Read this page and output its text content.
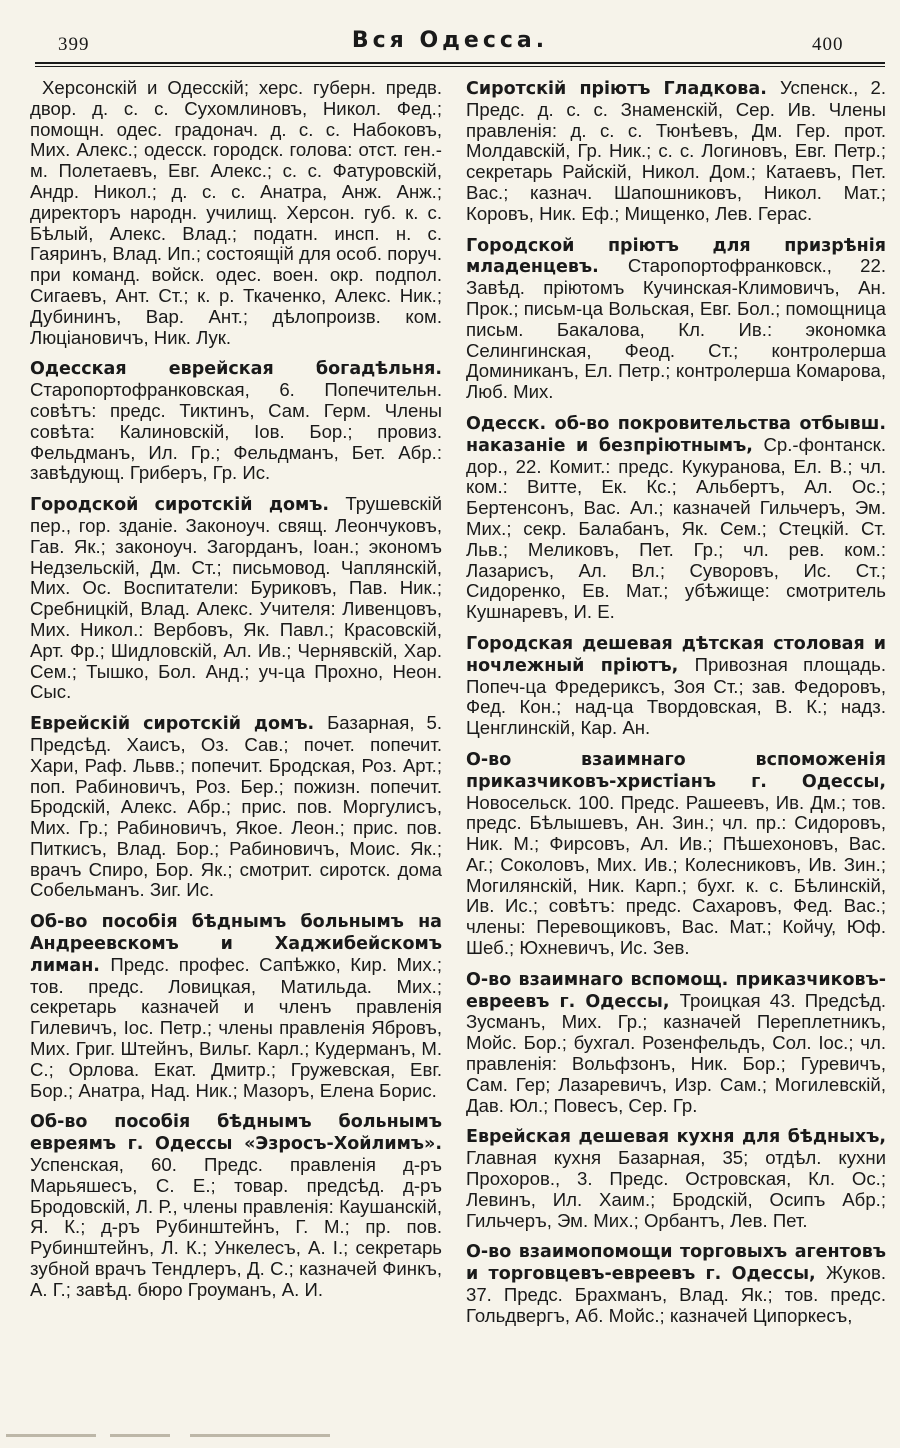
399	Вся Одесса.	400

Херсонскій и Одесскій; херс. губерн. предв. двор. д. с. с. Сухомлиновъ, Никол. Фед.; помощн. одес. градонач. д. с. с. Набоковъ, Мих. Алекс.; одесск. городск. голова: отст. ген.-м. Полетаевъ, Евг. Алекс.; с. с. Фатуровскій, Андр. Никол.; д. с. с. Анатра, Анж. Анж.; директоръ народн. училищ. Херсон. губ. к. с. Бѣлый, Алекс. Влад.; податн. инсп. н. с. Гаяринъ, Влад. Ип.; состоящій для особ. поруч. при команд. войск. одес. воен. окр. подпол. Сигаевъ, Ант. Ст.; к. р. Ткаченко, Алекс. Ник.; Дубининъ, Вар. Ант.; дѣлопроизв. ком. Люціановичъ, Ник. Лук.

Одесская еврейская богадѣльня. Старопортофранковская, 6. Попечительн. совѣтъ: предс. Тиктинъ, Сам. Герм. Члены совѣта: Калиновскій, Іов. Бор.; провиз. Фельдманъ, Ил. Гр.; Фельдманъ, Бет. Абр.: завѣдующ. Гриберъ, Гр. Ис.

Городской сиротскій домъ. Трушевскій пер., гор. зданіе. Законоуч. свящ. Леончуковъ, Гав. Як.; законоуч. Загорданъ, Іоан.; экономъ Недзельскій, Дм. Ст.; письмовод. Чаплянскій, Мих. Ос. Воспитатели: Буриковъ, Пав. Ник.; Сребницкій, Влад. Алекс. Учителя: Ливенцовъ, Мих. Никол.: Вербовъ, Як. Павл.; Красовскій, Арт. Фр.; Шидловскій, Ал. Ив.; Чернявскій, Хар. Сем.; Тышко, Бол. Анд.; уч-ца Прохно, Неон. Сыс.

Еврейскій сиротскій домъ. Базарная, 5. Предсѣд. Хаисъ, Оз. Сав.; почет. попечит. Хари, Раф. Львв.; попечит. Бродская, Роз. Арт.; поп. Рабиновичъ, Роз. Бер.; пожизн. попечит. Бродскій, Алекс. Абр.; прис. пов. Моргулисъ, Мих. Гр.; Рабиновичъ, Якое. Леон.; прис. пов. Питкисъ, Влад. Бор.; Рабиновичъ, Моис. Як.; врачъ Спиро, Бор. Як.; смотрит. сиротск. дома Собельманъ. Зиг. Ис.

Об-во пособія бѣднымъ больнымъ на Андреевскомъ и Хаджибейскомъ лиман. Предс. профес. Сапѣжко, Кир. Мих.; тов. предс. Ловицкая, Матильда. Мих.; секретарь казначей и членъ правленія Гилевичъ, Іос. Петр.; члены правленія Ябровъ, Мих. Григ. Штейнъ, Вильг. Карл.; Кудерманъ, М. С.; Орлова. Екат. Дмитр.; Гружевская, Евг. Бор.; Анатра, Над. Ник.; Мазоръ, Елена Борис.

Об-во пособія бѣднымъ больнымъ евреямъ г. Одессы «Эзросъ-Хойлимъ». Успенская, 60. Предс. правленія д-ръ Марьяшесъ, С. Е.; товар. предсѣд. д-ръ Бродовскій, Л. Р., члены правленія: Каушанскій, Я. К.; д-ръ Рубинштейнъ, Г. М.; пр. пов. Рубинштейнъ, Л. К.; Ункелесъ, А. І.; секретарь зубной врачъ Тендлеръ, Д. С.; казначей Финкъ, А. Г.; завѣд. бюро Гроуманъ, А. И.

Сиротскій пріютъ Гладкова. Успенск., 2. Предс. д. с. с. Знаменскій, Сер. Ив. Члены правленія: д. с. с. Тюнѣевъ, Дм. Гер. прот. Молдавскій, Гр. Ник.; с. с. Логиновъ, Евг. Петр.; секретарь Райскій, Никол. Дом.; Катаевъ, Пет. Вас.; казнач. Шапошниковъ, Никол. Мат.; Коровъ, Ник. Еф.; Мищенко, Лев. Герас.

Городской пріютъ для призрѣнія младенцевъ. Старопортофранковск., 22. Завѣд. пріютомъ Кучинская-Климовичъ, Ан. Прок.; письм-ца Вольская, Евг. Бол.; помощница письм. Бакалова, Кл. Ив.: экономка Селингинская, Феод. Ст.; контролерша Доминиканъ, Ел. Петр.; контролерша Комарова, Люб. Мих.

Одесск. об-во покровительства отбывш. наказаніе и безпріютнымъ, Ср.-фонтанск. дор., 22. Комит.: предс. Кукуранова, Ел. В.; чл. ком.: Витте, Ек. Кс.; Альбертъ, Ал. Ос.; Бертенсонъ, Вас. Ал.; казначей Гильчеръ, Эм. Мих.; секр. Балабанъ, Як. Сем.; Стецкій. Ст. Льв.; Меликовъ, Пет. Гр.; чл. рев. ком.: Лазарисъ, Ал. Вл.; Суворовъ, Ис. Ст.; Сидоренко, Ев. Мат.; убѣжище: смотритель Кушнаревъ, И. Е.

Городская дешевая дѣтская столовая и ночлежный пріютъ, Привозная площадь. Попеч-ца Фредериксъ, Зоя Ст.; зав. Федоровъ, Фед. Кон.; над-ца Твордовская, В. К.; надз. Ценглинскій, Кар. Ан.

О-во взаимнаго вспоможенія приказчиковъ-христіанъ г. Одессы, Новосельск. 100. Предс. Рашеевъ, Ив. Дм.; тов. предс. Бѣлышевъ, Ан. Зин.; чл. пр.: Сидоровъ, Ник. М.; Фирсовъ, Ал. Ив.; Пѣшехоновъ, Вас. Аг.; Соколовъ, Мих. Ив.; Колесниковъ, Ив. Зин.; Могилянскій, Ник. Карп.; бухг. к. с. Бѣлинскій, Ив. Ис.; совѣтъ: предс. Сахаровъ, Фед. Вас.; члены: Перевощиковъ, Вас. Мат.; Койчу, Юф. Шеб.; Юхневичъ, Ис. Зев.

О-во взаимнаго вспомощ. приказчиковъ-евреевъ г. Одессы, Троицкая 43. Предсѣд. Зусманъ, Мих. Гр.; казначей Переплетникъ, Мойс. Бор.; бухгал. Розенфельдъ, Сол. Іос.; чл. правленія: Вольфзонъ, Ник. Бор.; Гуревичъ, Сам. Гер; Лазаревичъ, Изр. Сам.; Могилевскій, Дав. Юл.; Повесъ, Сер. Гр.

Еврейская дешевая кухня для бѣдныхъ, Главная кухня Базарная, 35; отдѣл. кухни Прохоров., 3. Предс. Островская, Кл. Ос.; Левинъ, Ил. Хаим.; Бродскій, Осипъ Абр.; Гильчеръ, Эм. Мих.; Орбантъ, Лев. Пет.

О-во взаимопомощи торговыхъ агентовъ и торговцевъ-евреевъ г. Одессы, Жуков. 37. Предс. Брахманъ, Влад. Як.; тов. предс. Гольдвергъ, Аб. Мойс.; казначей Ципоркесъ,
